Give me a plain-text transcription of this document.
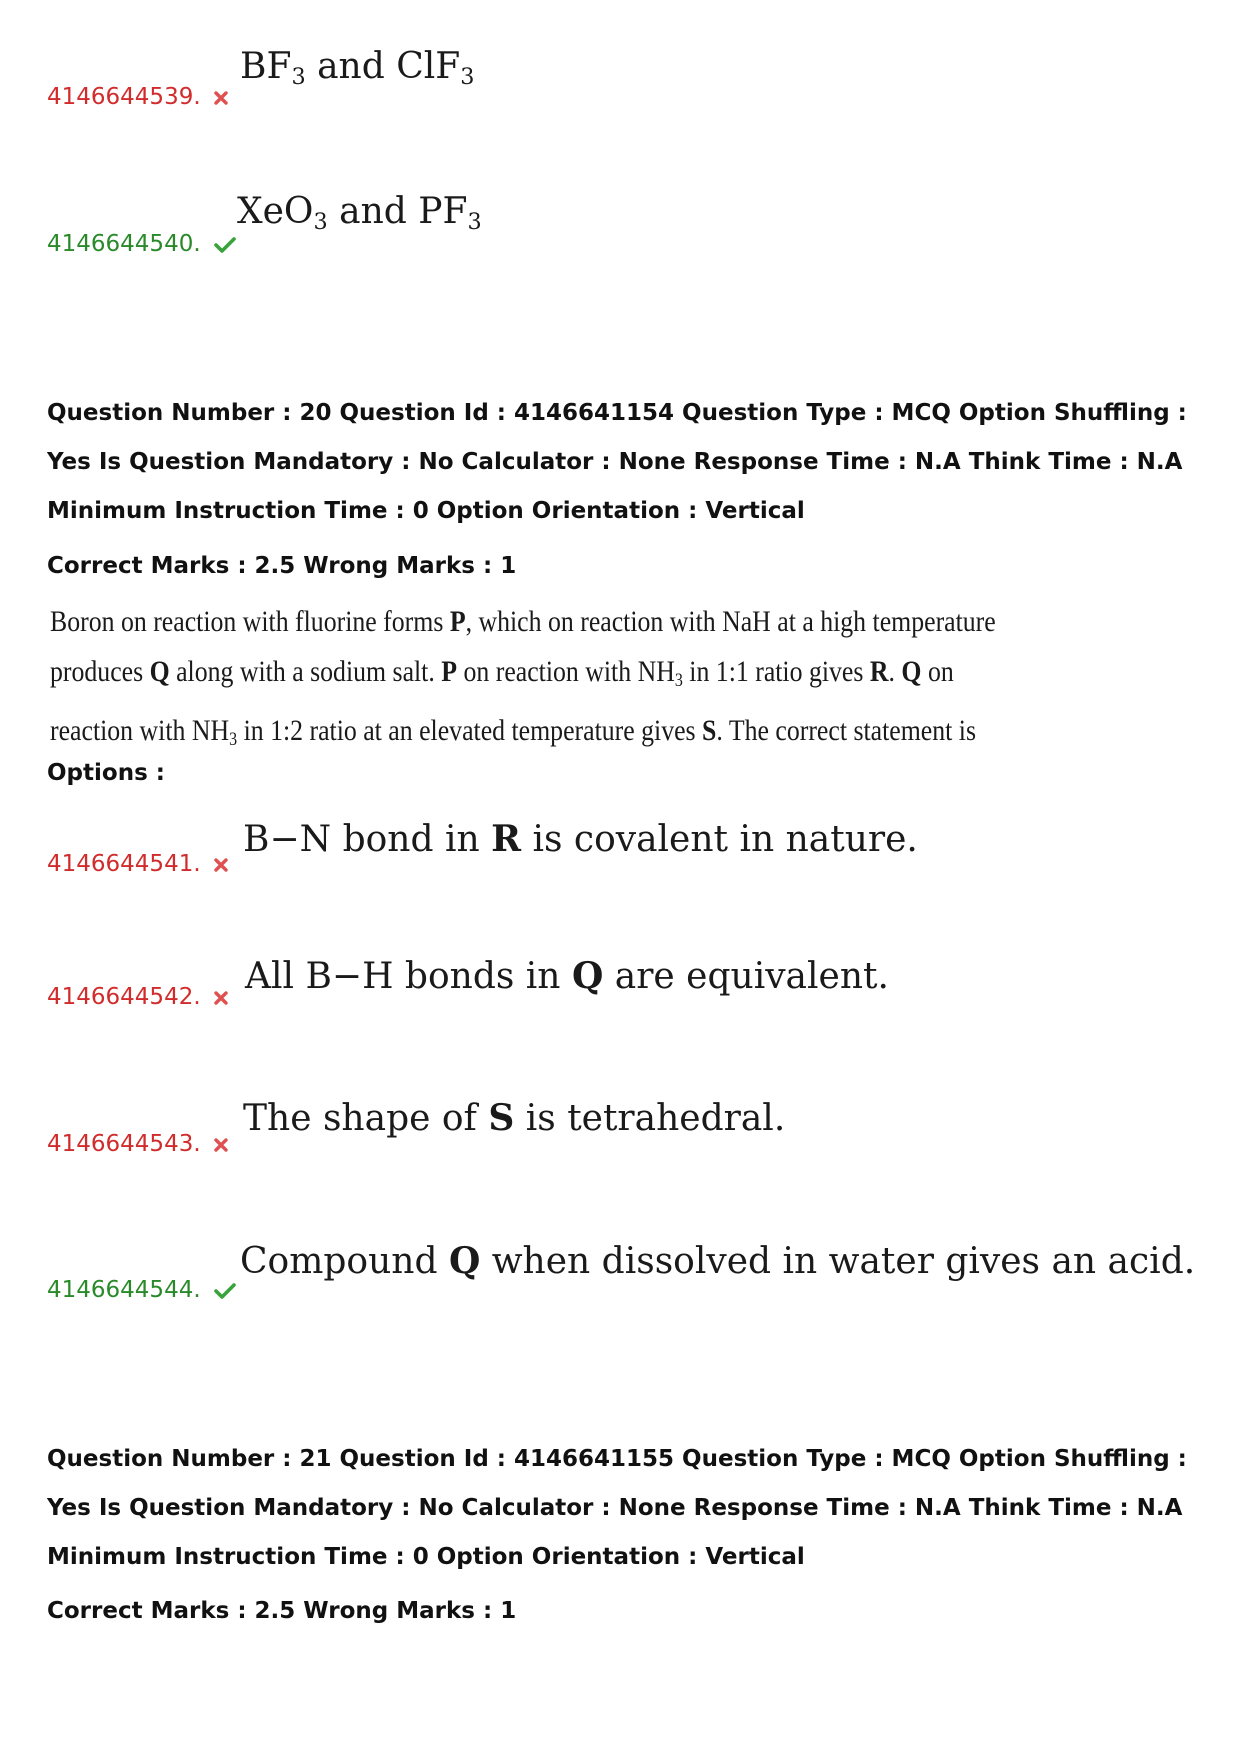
4146644539.
$BF_3$ and ClF$_3$
4146644540.
XeO$_3$ and $PF_3$
Question Number : 20 Question Id : 4146641154 Question Type : MCQ Option Shuffling : Yes Is Question Mandatory : No Calculator : None Response Time : N.A Think Time : N.A Minimum Instruction Time : 0 Option Orientation : Vertical
Correct Marks : 2.5 Wrong Marks : 1
Boron on reaction with fluorine forms P, which on reaction with NaH at a high temperature
produces Q along with a sodium salt. P on reaction with $NH_3$ in 1:1 ratio gives R. Q on
reaction with $NH_3$ in 1:2 ratio at an elevated temperature gives S. The correct statement is
Options :
4146644541.
B−N bond in R is covalent in nature.
4146644542.	All B−H bonds in Q are equivalent.
4146644543.
The shape of S is tetrahedral.
4146644544.
Compound Q when dissolved in water gives an acid.
Question Number : 21 Question Id : 4146641155 Question Type : MCQ Option Shuffling : Yes Is Question Mandatory : No Calculator : None Response Time : N.A Think Time : N.A Minimum Instruction Time : 0 Option Orientation : Vertical
Correct Marks : 2.5 Wrong Marks : 1
